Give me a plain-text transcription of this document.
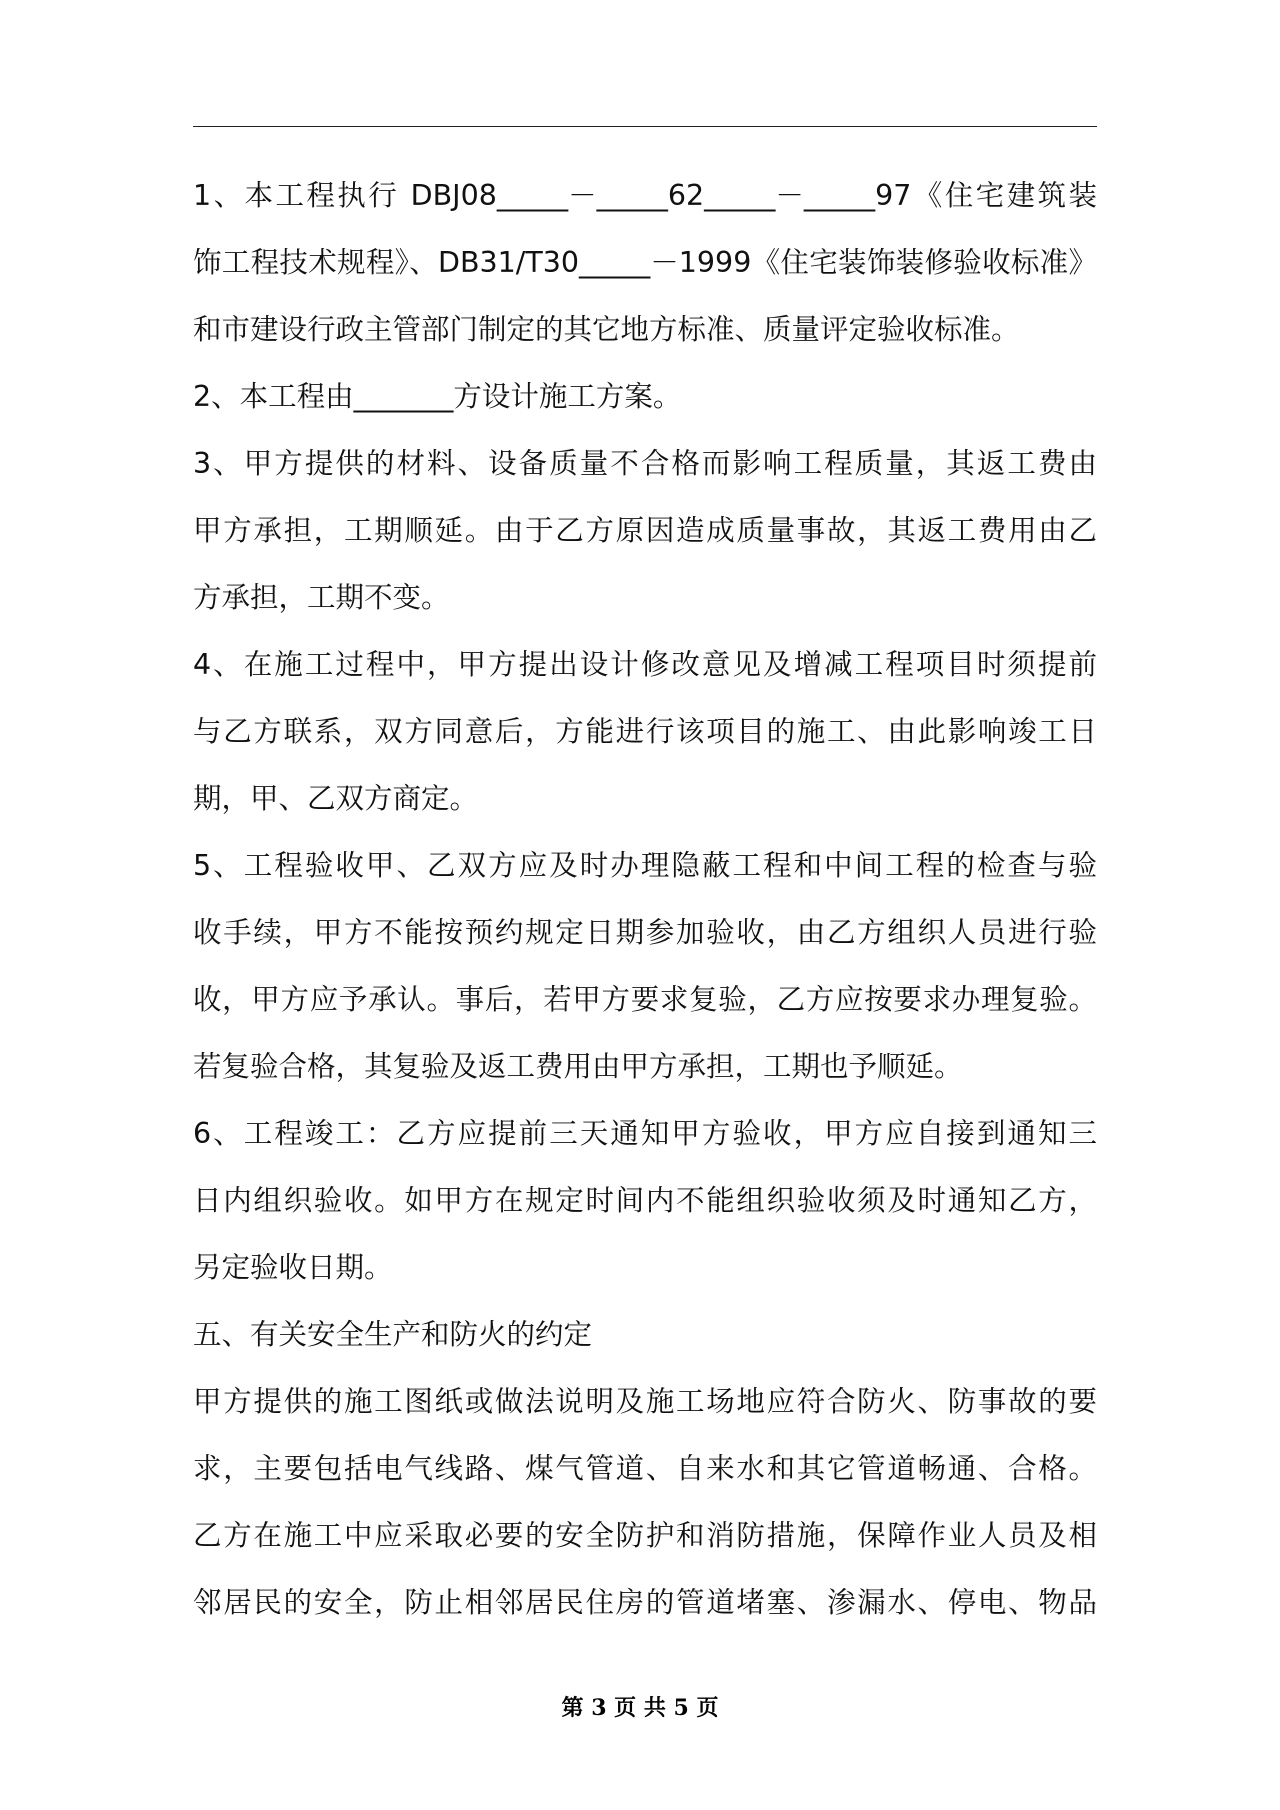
1、本工程执行 DBJ08_____－_____62_____－_____97《住宅建筑装
饰工程技术规程》、DB31/T30_____－1999《住宅装饰装修验收标准》
和市建设行政主管部门制定的其它地方标准、质量评定验收标准。
2、本工程由_______方设计施工方案。
3、甲方提供的材料、设备质量不合格而影响工程质量，其返工费由
甲方承担，工期顺延。由于乙方原因造成质量事故，其返工费用由乙
方承担，工期不变。
4、在施工过程中，甲方提出设计修改意见及增减工程项目时须提前
与乙方联系，双方同意后，方能进行该项目的施工、由此影响竣工日
期，甲、乙双方商定。
5、工程验收甲、乙双方应及时办理隐蔽工程和中间工程的检查与验
收手续，甲方不能按预约规定日期参加验收，由乙方组织人员进行验
收，甲方应予承认。事后，若甲方要求复验，乙方应按要求办理复验。
若复验合格，其复验及返工费用由甲方承担，工期也予顺延。
6、工程竣工：乙方应提前三天通知甲方验收，甲方应自接到通知三
日内组织验收。如甲方在规定时间内不能组织验收须及时通知乙方，
另定验收日期。
五、有关安全生产和防火的约定
甲方提供的施工图纸或做法说明及施工场地应符合防火、防事故的要
求，主要包括电气线路、煤气管道、自来水和其它管道畅通、合格。
乙方在施工中应采取必要的安全防护和消防措施，保障作业人员及相
邻居民的安全，防止相邻居民住房的管道堵塞、渗漏水、停电、物品
第 3 页 共 5 页
